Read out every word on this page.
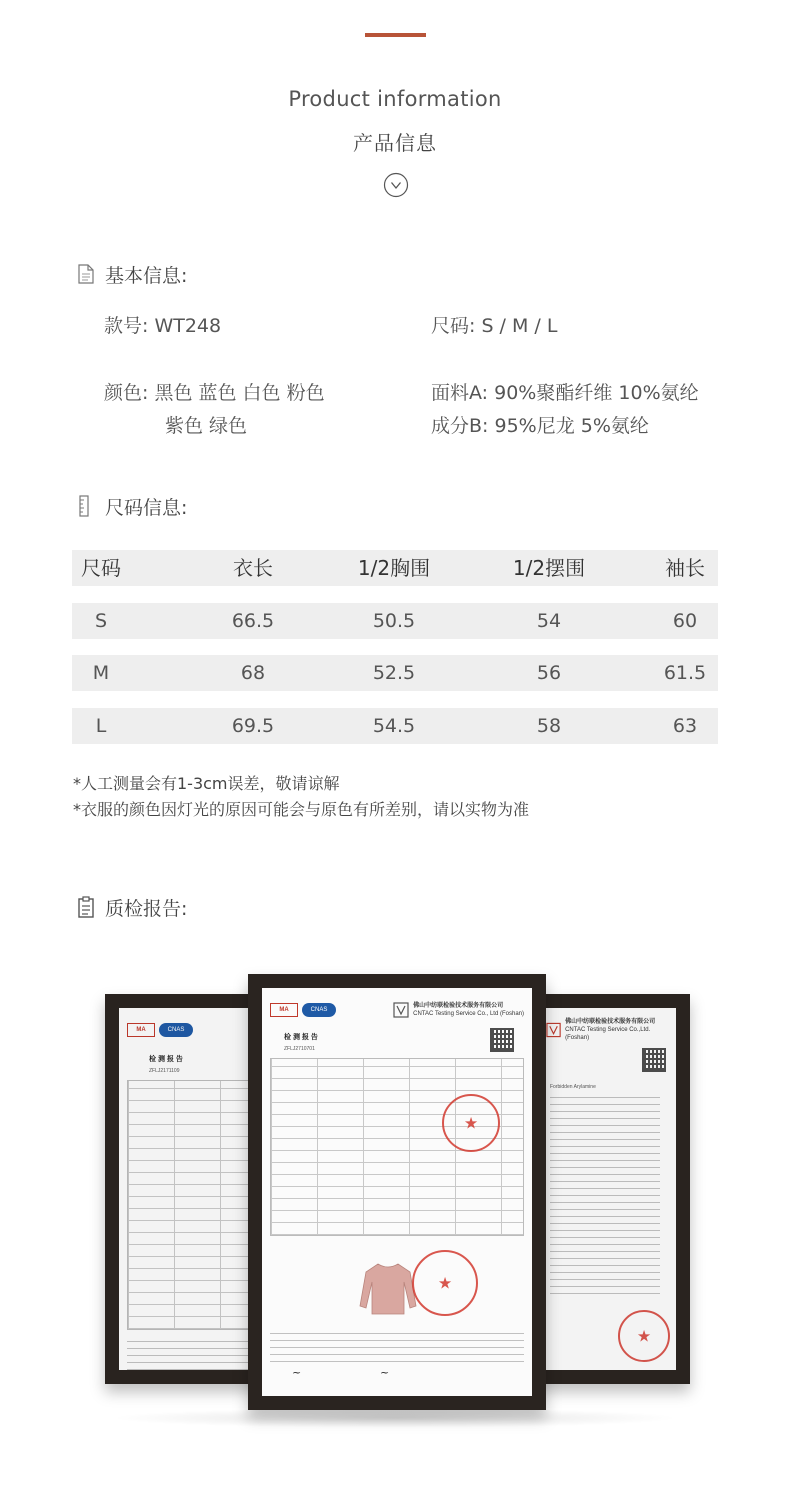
Product information
产品信息
基本信息:
款号: WT248	尺码: S / M / L
颜色: 黑色 蓝色 白色 粉色
紫色 绿色
面料A: 90%聚酯纤维 10%氨纶
成分B: 95%尼龙 5%氨纶
尺码信息:
尺码	衣长	1/2胸围	1/2摆围	袖长
S	66.5	50.5	54	60
M	68	52.5	56	61.5
L	69.5	54.5	58	63
*人工测量会有1-3cm误差，敬请谅解
*衣服的颜色因灯光的原因可能会与原色有所差别，请以实物为准
质检报告:
MA	CNAS
检 测 报 告
ZFLJ2171109
佛山中纺联检验技术服务有限公司
CNTAC Testing Service Co.,Ltd.(Foshan)
Forbidden Arylamine
★
MA	CNAS
佛山中纺联检验技术服务有限公司
CNTAC Testing Service Co., Ltd (Foshan)
检 测 报 告
ZFLJ2710701
★
★
~	~
